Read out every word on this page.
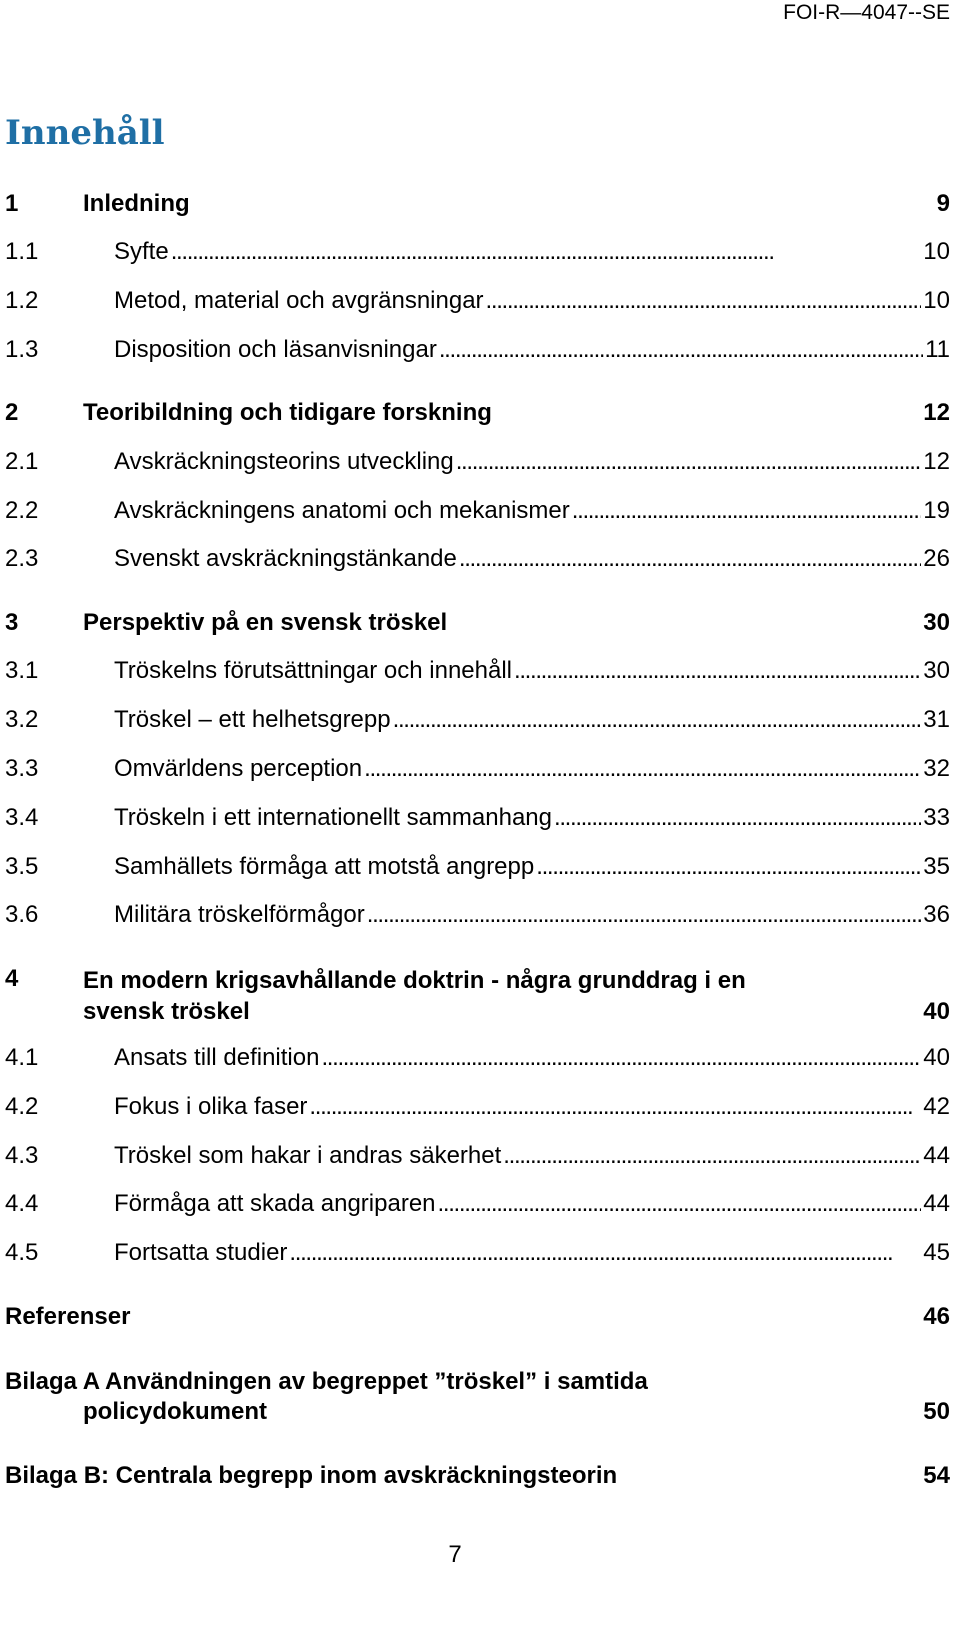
FOI-R—4047--SE
Innehåll
1	Inledning	9
1.1	Syfte . . .	10
1.2	Metod, material och avgränsningar . . .	10
1.3	Disposition och läsanvisningar . . .	11
2	Teoribildning och tidigare forskning	12
2.1	Avskräckningsteorins utveckling . . .	12
2.2	Avskräckningens anatomi och mekanismer . . .	19
2.3	Svenskt avskräckningstänkande . . .	26
3	Perspektiv på en svensk tröskel	30
3.1	Tröskelns förutsättningar och innehåll . . .	30
3.2	Tröskel – ett helhetsgrepp . . .	31
3.3	Omvärldens perception . . .	32
3.4	Tröskeln i ett internationellt sammanhang . . .	33
3.5	Samhällets förmåga att motstå angrepp . . .	35
3.6	Militära tröskelförmågor . . .	36
4	En modern krigsavhållande doktrin - några grunddrag i en svensk tröskel	40
4.1	Ansats till definition . . .	40
4.2	Fokus i olika faser . . .	42
4.3	Tröskel som hakar i andras säkerhet . . .	44
4.4	Förmåga att skada angriparen . . .	44
4.5	Fortsatta studier . . .	45
Referenser	46
Bilaga A Användningen av begreppet ”tröskel” i samtida
policydokument	50
Bilaga B: Centrala begrepp inom avskräckningsteorin	54
7
